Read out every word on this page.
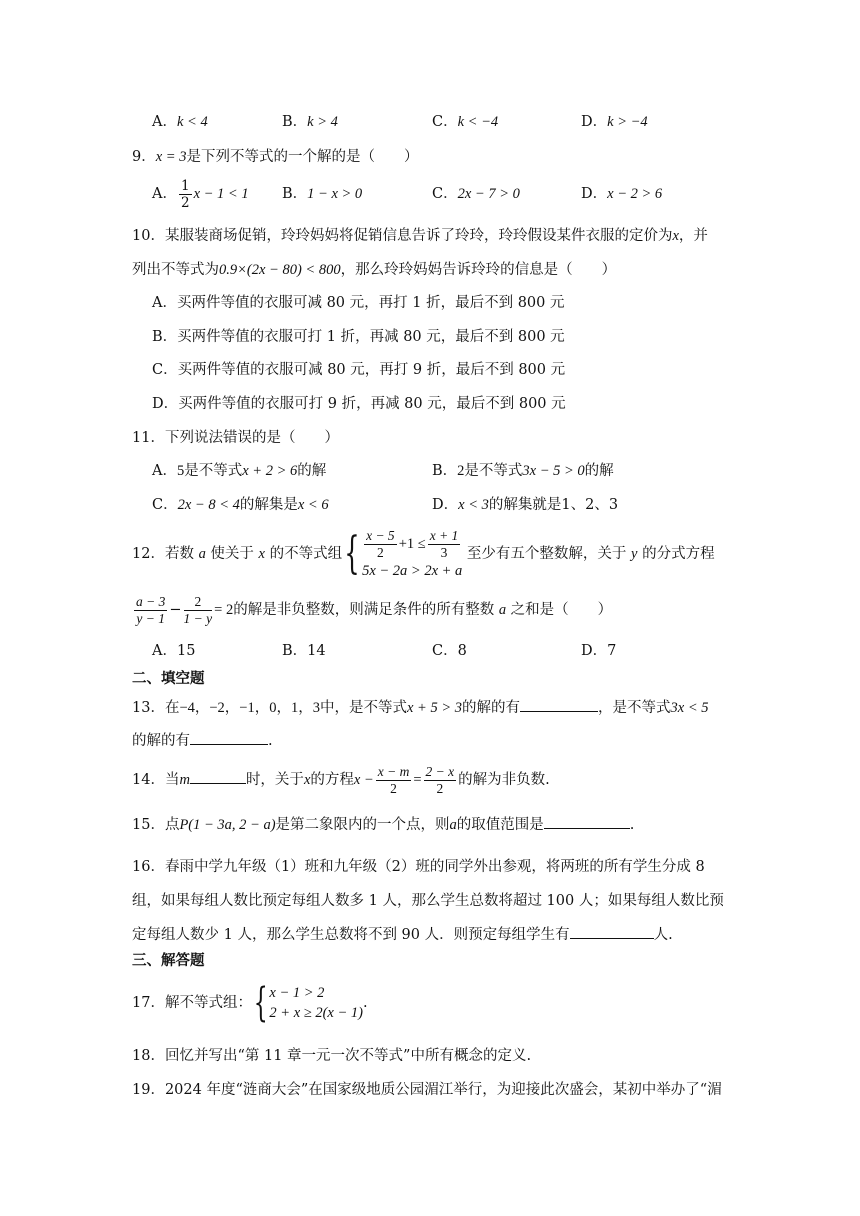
A．k < 4	B．k > 4	C．k < −4	D．k > −4
9．x = 3是下列不等式的一个解的是（　　）
A． $\frac{1}{2}$ x − 1 < 1 B．1 − x > 0	C．2x − 7 > 0	D．x − 2 > 6
10．某服装商场促销，玲玲妈妈将促销信息告诉了玲玲，玲玲假设某件衣服的定价为x，并
列出不等式为0.9×(2x − 80) < 800，那么玲玲妈妈告诉玲玲的信息是（　　）
A．买两件等值的衣服可减 80 元，再打 1 折，最后不到 800 元
B．买两件等值的衣服可打 1 折，再减 80 元，最后不到 800 元
C．买两件等值的衣服可减 80 元，再打 9 折，最后不到 800 元
D．买两件等值的衣服可打 9 折，再减 80 元，最后不到 800 元
11．下列说法错误的是（　　）
A．5是不等式x + 2 > 6的解	B．2是不等式3x − 5 > 0的解
C．2x − 8 < 4的解集是x < 6	D．x < 3的解集就是1、2、3
12．若数 a 使关于 x 的不等式组{ $\frac{x - 5}{2} +1 \le \frac{x + 1}{3}$
5x − 2a > 2x + a
至少有五个整数解，关于 y 的分式方程
$\frac{a - 3}{y - 1} - \frac{2}{1 - y} = 2$的解是非负整数，则满足条件的所有整数 a 之和是（　　）
A．15	B．14	C．8	D．7
二、填空题
13．在−4，−2，−1，0，1，3中，是不等式x + 5 > 3的解的有	，是不等式3x < 5
的解的有	.
14．当m	时，关于x的方程$x - \frac{x - m}{2} = \frac{2 - x}{2}$ 的解为非负数.
15．点P(1 − 3a, 2 − a)是第二象限内的一个点，则a的取值范围是	.
16．春雨中学九年级（1）班和九年级（2）班的同学外出参观，将两班的所有学生分成 8
组，如果每组人数比预定每组人数多 1 人，那么学生总数将超过 100 人；如果每组人数比预
定每组人数少 1 人，那么学生总数将不到 90 人．则预定每组学生有	人.
三、解答题
17．解不等式组：{ x − 1 > 2
2 + x ≥ 2(x − 1)
.
18．回忆并写出“第 11 章一元一次不等式”中所有概念的定义.
19．2024 年度“涟商大会”在国家级地质公园湄江举行，为迎接此次盛会，某初中举办了“湄
